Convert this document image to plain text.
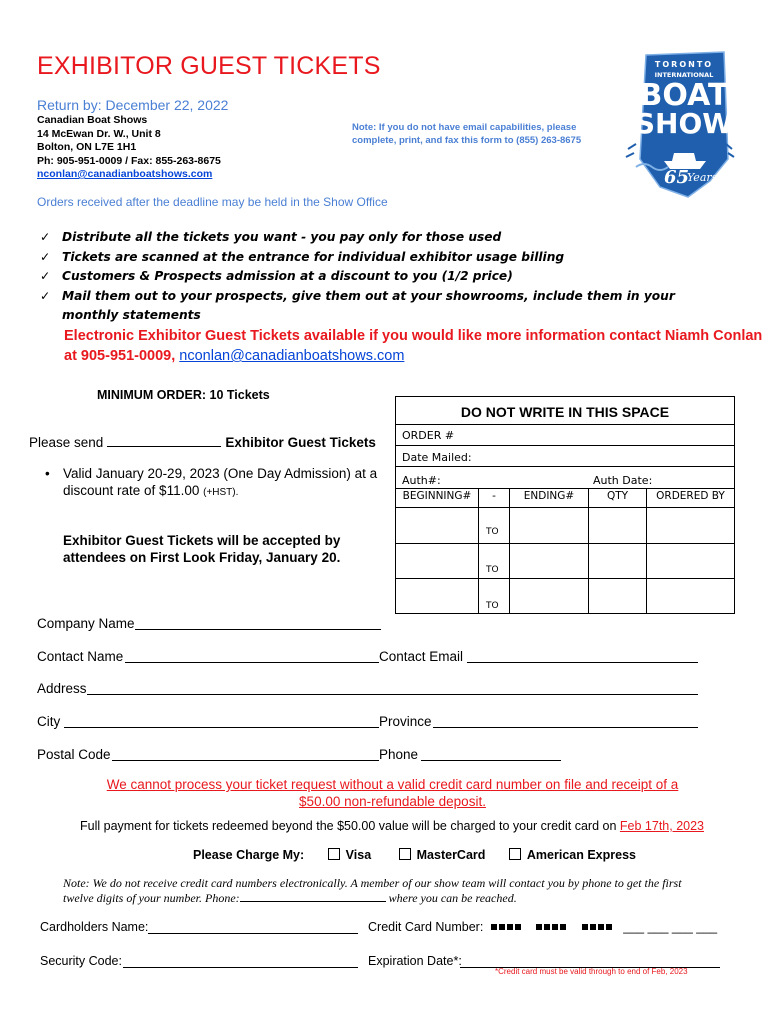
EXHIBITOR GUEST TICKETS
Return by: December 22, 2022
Canadian Boat Shows
14 McEwan Dr. W., Unit 8
Bolton, ON L7E 1H1
Ph: 905-951-0009 / Fax: 855-263-8675
nconlan@canadianboatshows.com
Note: If you do not have email capabilities, please complete, print, and fax this form to (855) 263-8675
Orders received after the deadline may be held in the Show Office
TORONTO
INTERNATIONAL
BOAT
SHOW
65
Years
✓ Distribute all the tickets you want - you pay only for those used
✓ Tickets are scanned at the entrance for individual exhibitor usage billing
✓ Customers & Prospects admission at a discount to you (1/2 price)
✓ Mail them out to your prospects, give them out at your showrooms, include them in your monthly statements
Electronic Exhibitor Guest Tickets available if you would like more information contact Niamh Conlan at 905-951-0009, nconlan@canadianboatshows.com
MINIMUM ORDER: 10 Tickets
Please send	Exhibitor Guest Tickets
• Valid January 20-29, 2023 (One Day Admission) at a discount rate of $11.00 (+HST).
Exhibitor Guest Tickets will be accepted by attendees on First Look Friday, January 20.
DO NOT WRITE IN THIS SPACE
ORDER #
Date Mailed:
Auth#:	Auth Date:
BEGINNING#	-	ENDING#	QTY	ORDERED BY
TO
TO
TO
Company Name
Contact Name	Contact Email
Address
City	Province
Postal Code	Phone
We cannot process your ticket request without a valid credit card number on file and receipt of a $50.00 non-refundable deposit.
Full payment for tickets redeemed beyond the $50.00 value will be charged to your credit card on Feb 17th, 2023
Please Charge My:	Visa	MasterCard	American Express
Note: We do not receive credit card numbers electronically. A member of our show team will contact you by phone to get the first twelve digits of your number. Phone:	where you can be reached.
Cardholders Name:	Credit Card Number:	___ ___ ___ ___
Security Code:	Expiration Date*:
*Credit card must be valid through to end of Feb, 2023
